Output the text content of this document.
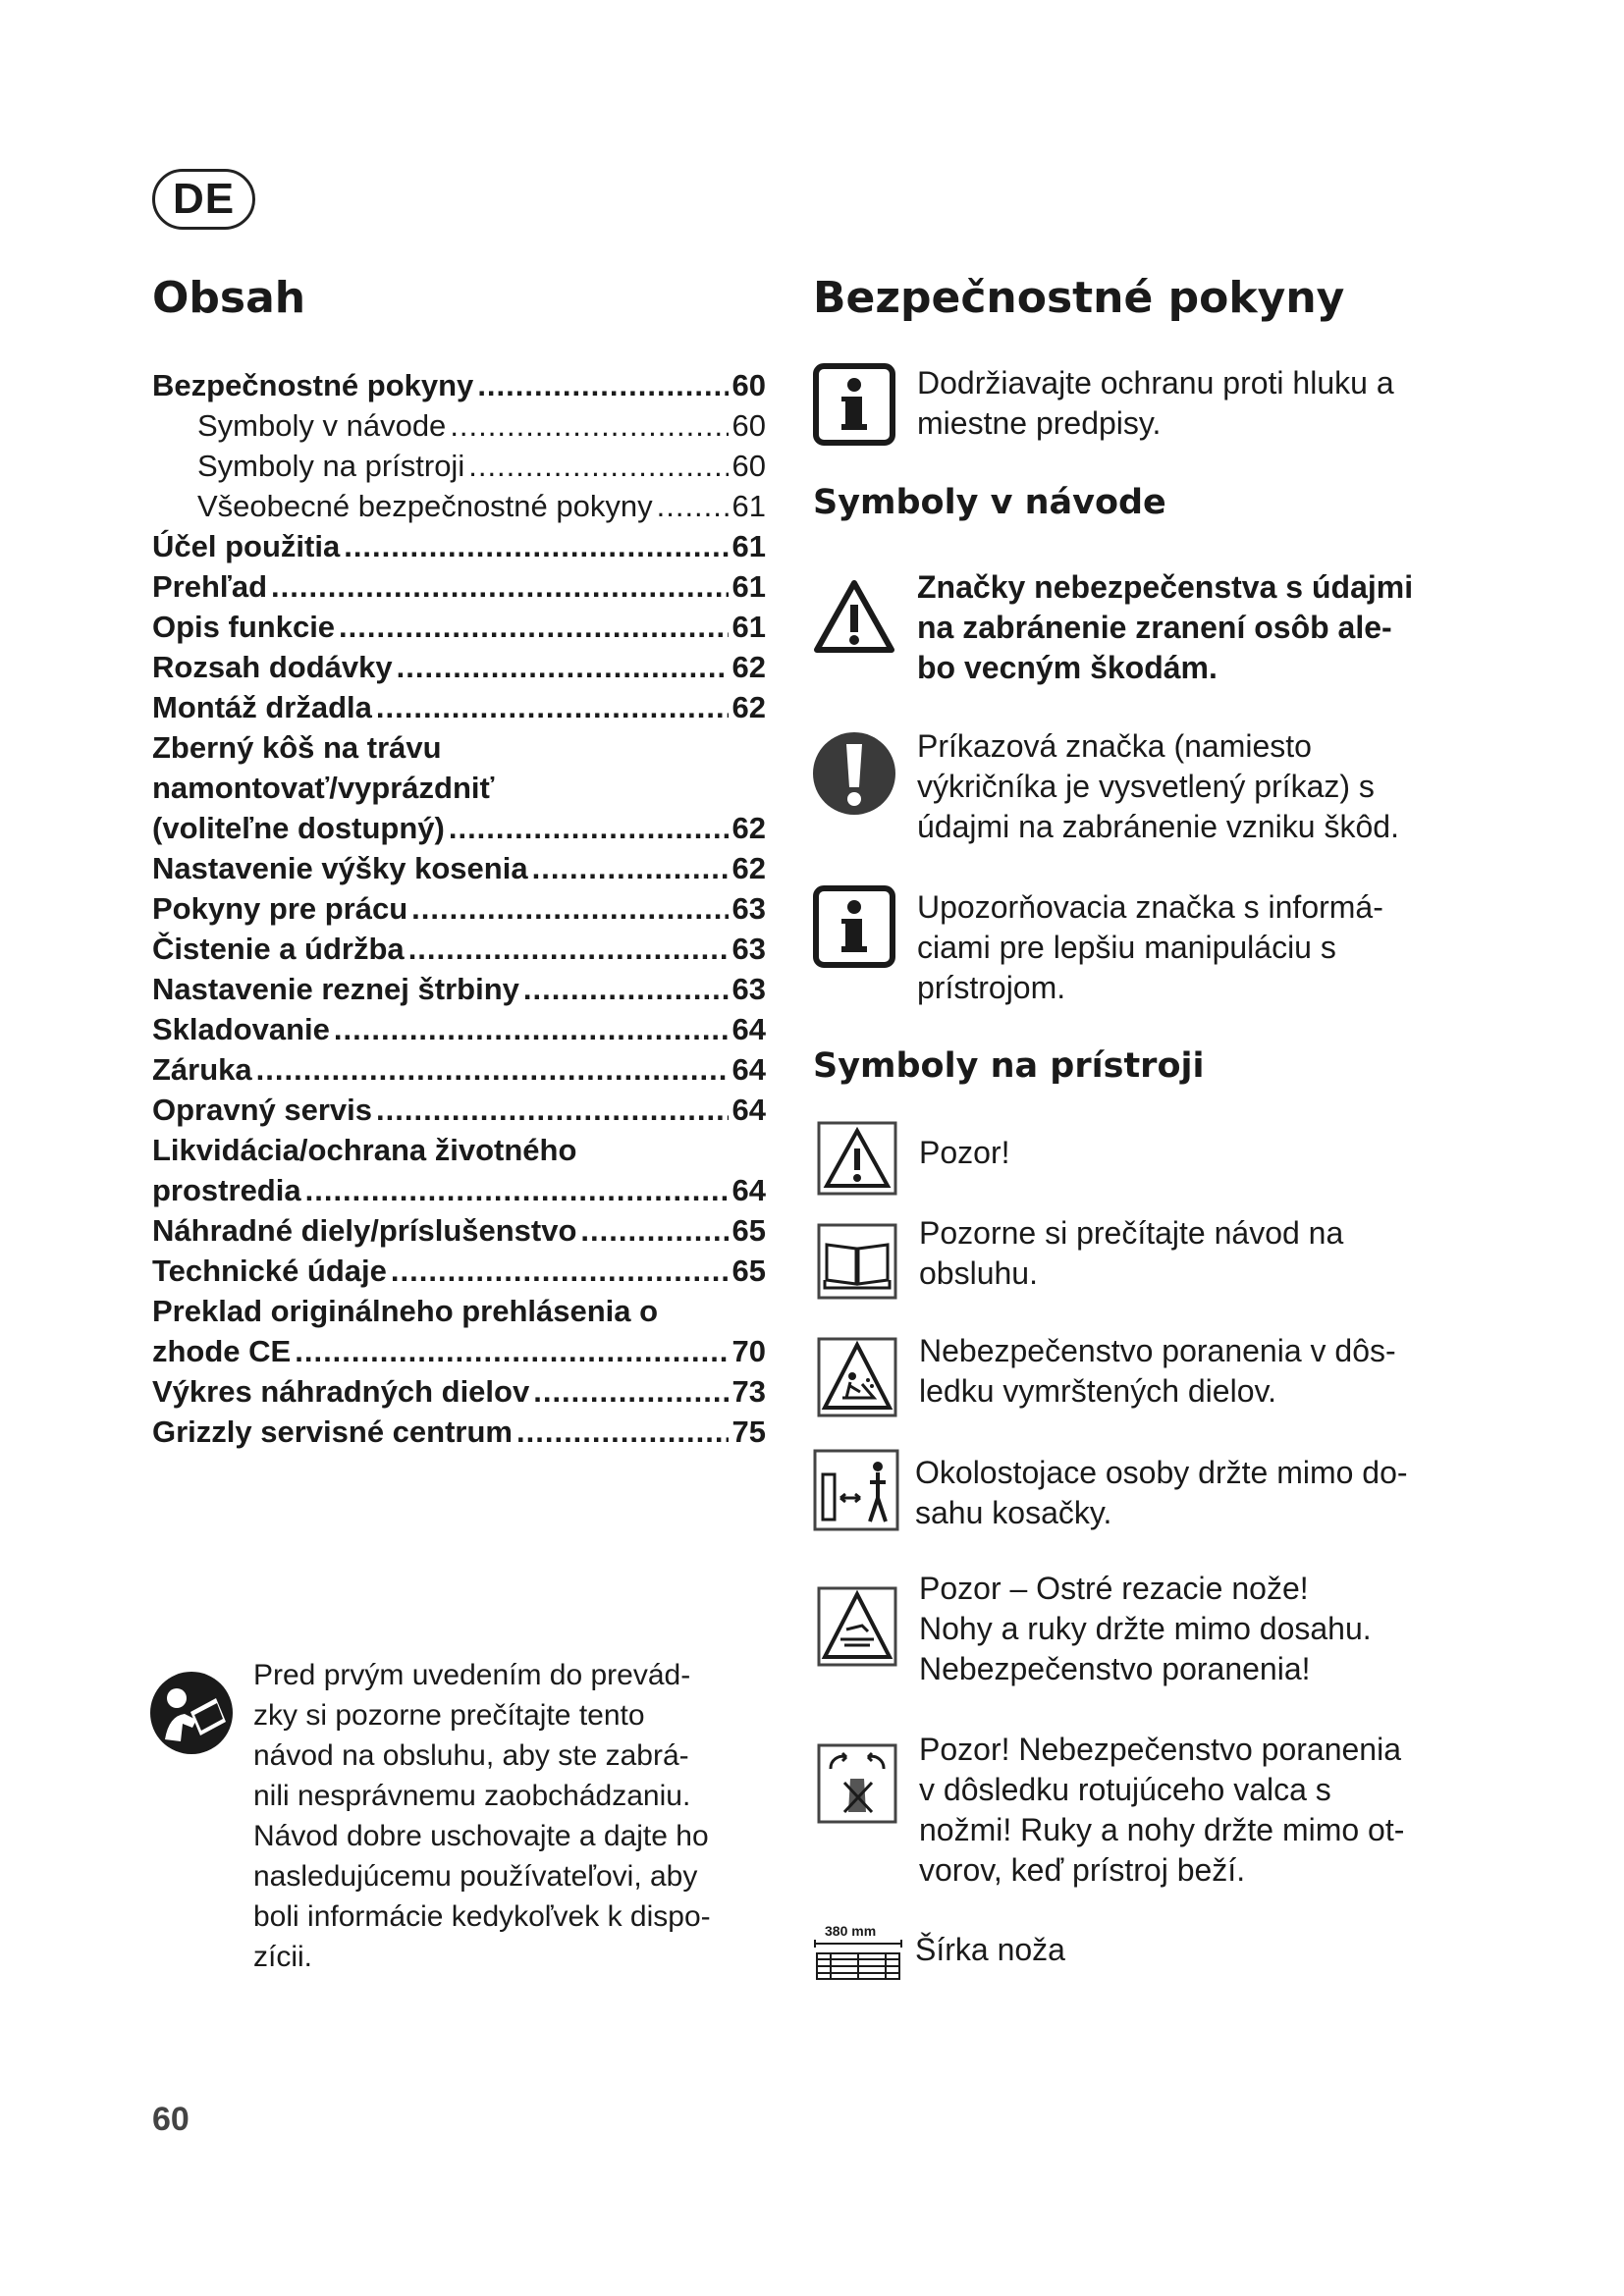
DE
Obsah
Bezpečnostné pokyny .....	60
Symboly v návode .....	60
Symboly na prístroji .....	60
Všeobecné bezpečnostné pokyny .....	61
Účel použitia .....	61
Prehľad .....	61
Opis funkcie .....	61
Rozsah dodávky .....	62
Montáž držadla .....	62
Zberný kôš na trávu
namontovať/vyprázdniť
(voliteľne dostupný) .....	62
Nastavenie výšky kosenia .....	62
Pokyny pre prácu .....	63
Čistenie a údržba .....	63
Nastavenie reznej štrbiny .....	63
Skladovanie .....	64
Záruka .....	64
Opravný servis .....	64
Likvidácia/ochrana životného
prostredia .....	64
Náhradné diely/príslušenstvo .....	65
Technické údaje .....	65
Preklad originálneho prehlásenia o
zhode CE .....	70
Výkres náhradných dielov .....	73
Grizzly servisné centrum .....	75
Pred prvým uvedením do prevád-
zky si pozorne prečítajte tento
návod na obsluhu, aby ste zabrá-
nili nesprávnemu zaobchádzaniu.
Návod dobre uschovajte a dajte ho
nasledujúcemu používateľovi, aby
boli informácie kedykoľvek k dispo-
zícii.
60
Bezpečnostné pokyny
Dodržiavajte ochranu proti hluku a
miestne predpisy.
Symboly v návode
Značky nebezpečenstva s údajmi
na zabránenie zranení osôb ale-
bo vecným škodám.
Príkazová značka (namiesto
výkričníka je vysvetlený príkaz) s
údajmi na zabránenie vzniku škôd.
Upozorňovacia značka s informá-
ciami pre lepšiu manipuláciu s
prístrojom.
Symboly na prístroji
Pozor!
Pozorne si prečítajte návod na
obsluhu.
Nebezpečenstvo poranenia v dôs-
ledku vymrštených dielov.
Okolostojace osoby držte mimo do-
sahu kosačky.
Pozor – Ostré rezacie nože!
Nohy a ruky držte mimo dosahu.
Nebezpečenstvo poranenia!
Pozor! Nebezpečenstvo poranenia
v dôsledku rotujúceho valca s
nožmi! Ruky a nohy držte mimo ot-
vorov, keď prístroj beží.
380 mm
Šírka noža
